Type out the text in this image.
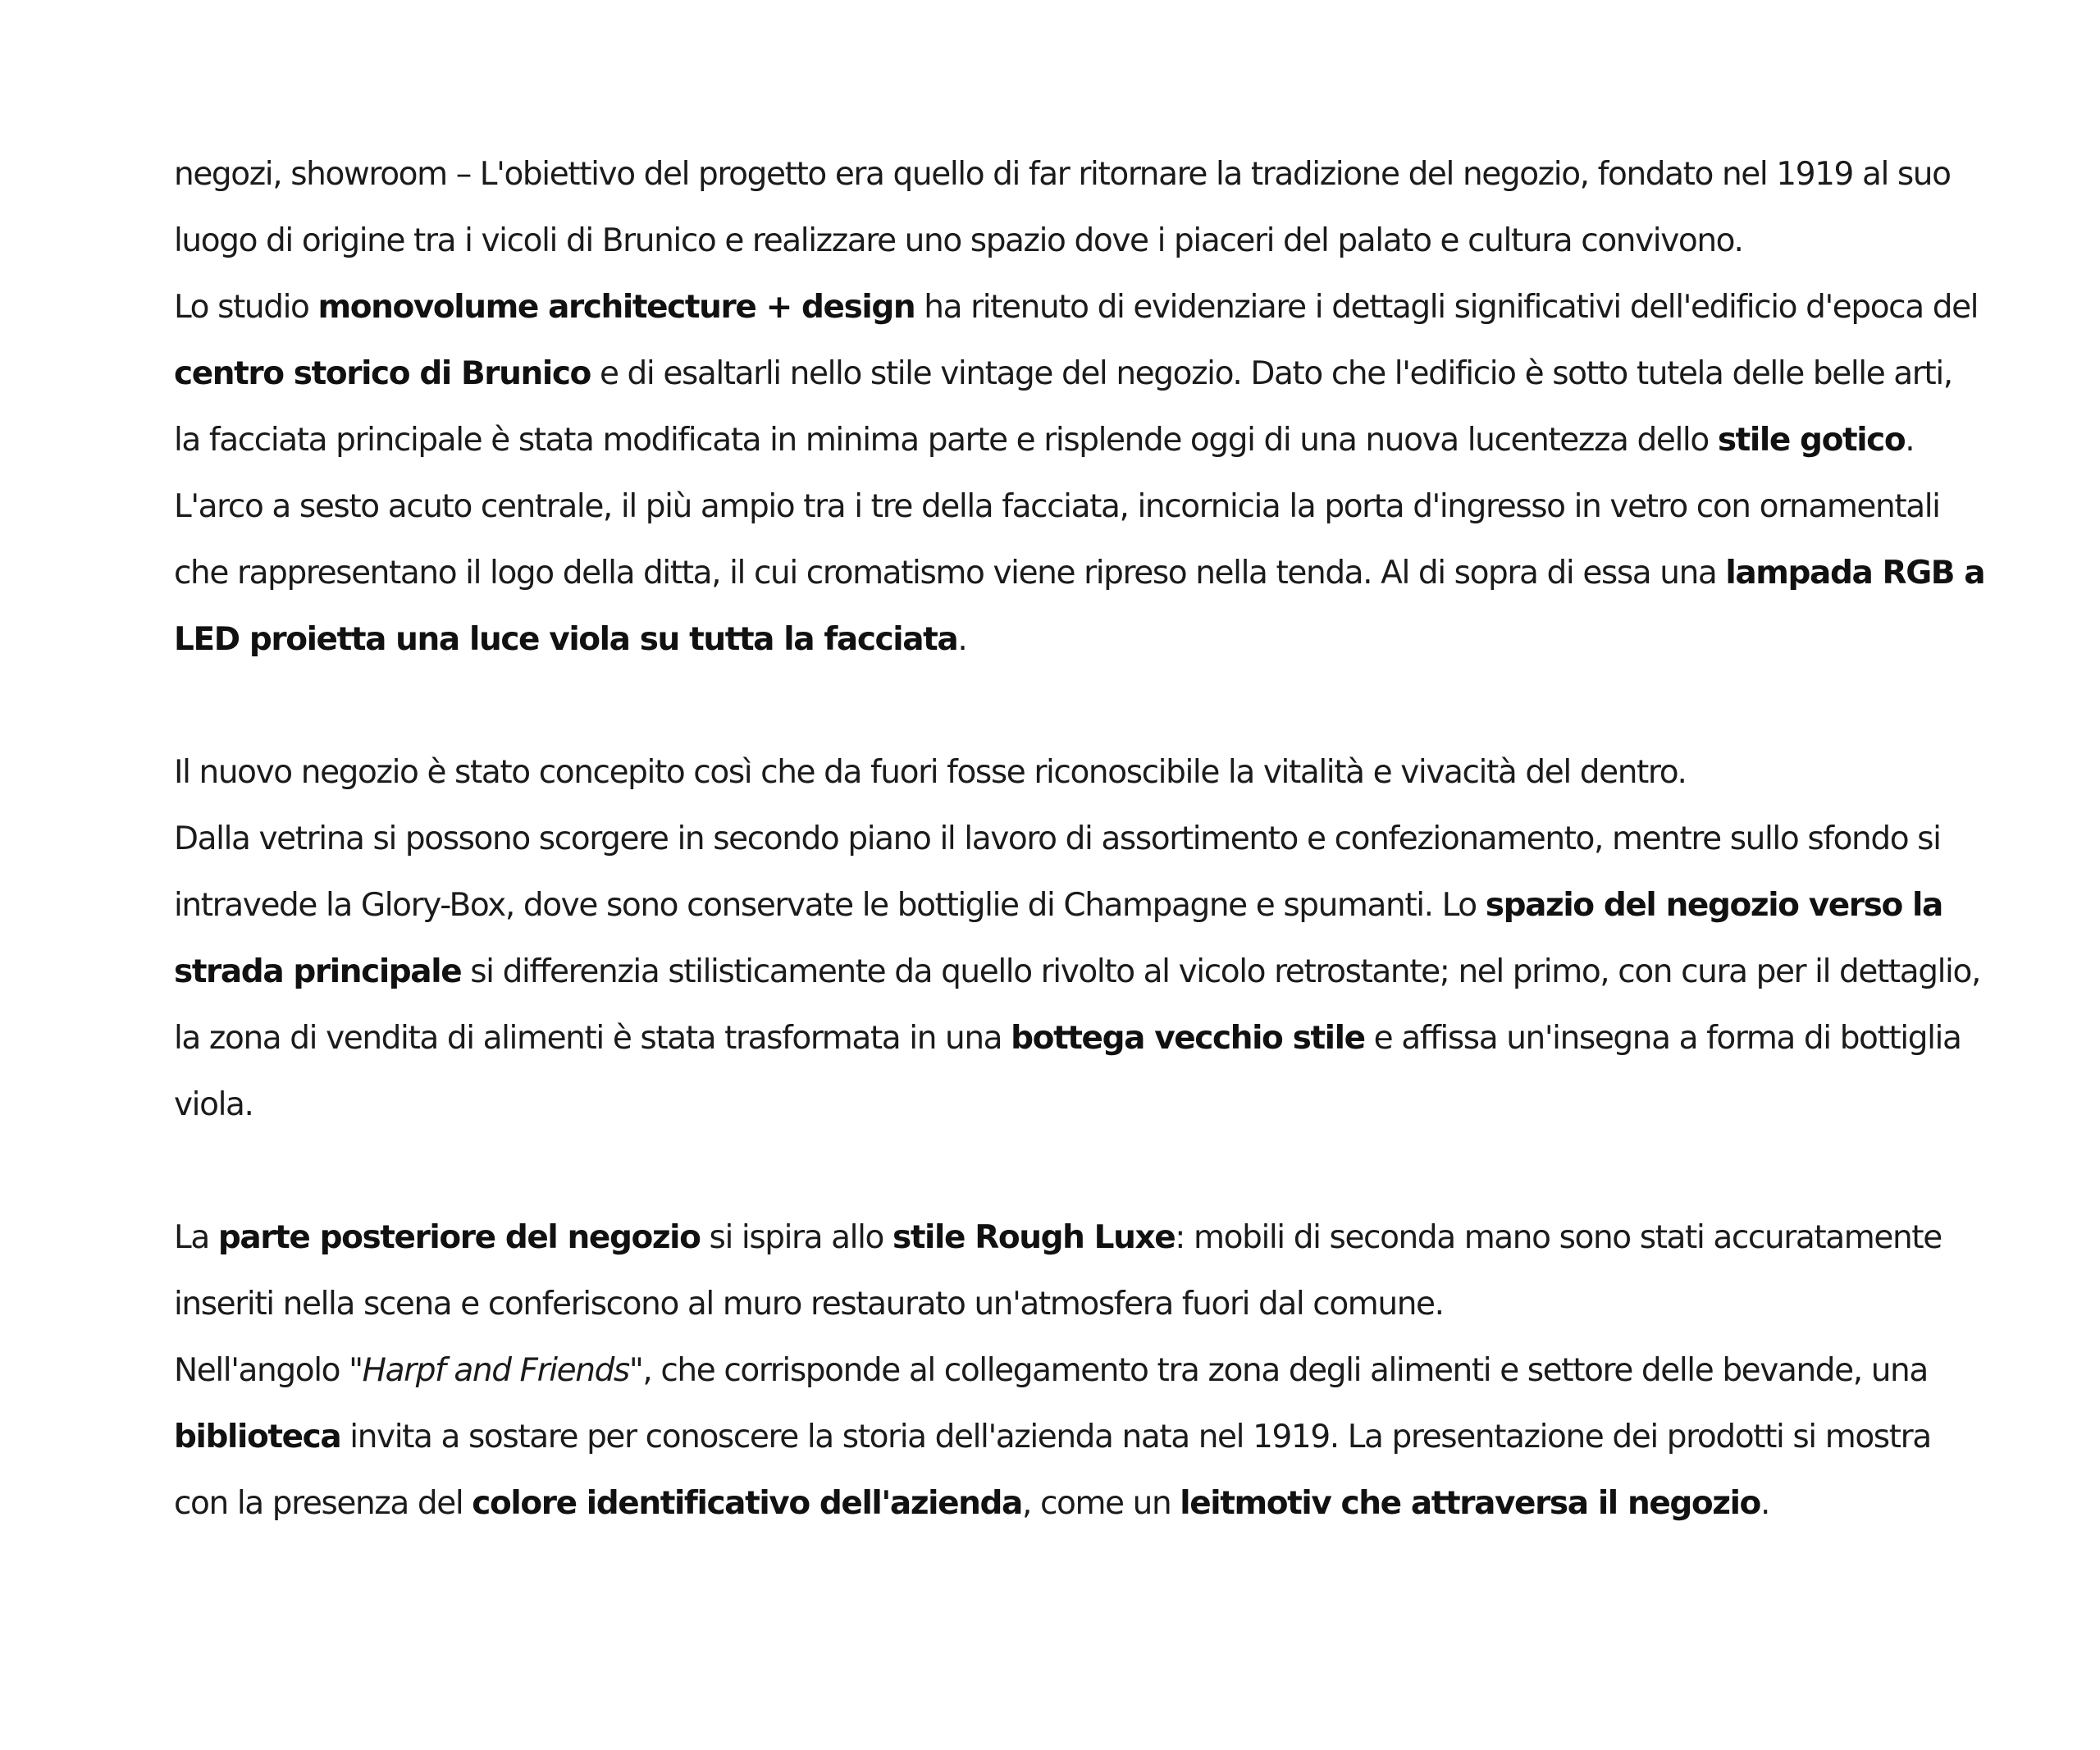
negozi, showroom – L'obiettivo del progetto era quello di far ritornare la tradizione del negozio, fondato nel 1919 al suo luogo di origine tra i vicoli di Brunico e realizzare uno spazio dove i piaceri del palato e cultura convivono.
Lo studio monovolume architecture + design ha ritenuto di evidenziare i dettagli significativi dell'edificio d'epoca del centro storico di Brunico e di esaltarli nello stile vintage del negozio. Dato che l'edificio è sotto tutela delle belle arti, la facciata principale è stata modificata in minima parte e risplende oggi di una nuova lucentezza dello stile gotico. L'arco a sesto acuto centrale, il più ampio tra i tre della facciata, incornicia la porta d'ingresso in vetro con ornamentali che rappresentano il logo della ditta, il cui cromatismo viene ripreso nella tenda. Al di sopra di essa una lampada RGB a LED proietta una luce viola su tutta la facciata.

Il nuovo negozio è stato concepito così che da fuori fosse riconoscibile la vitalità e vivacità del dentro.
Dalla vetrina si possono scorgere in secondo piano il lavoro di assortimento e confezionamento, mentre sullo sfondo si intravede la Glory-Box, dove sono conservate le bottiglie di Champagne e spumanti. Lo spazio del negozio verso la strada principale si differenzia stilisticamente da quello rivolto al vicolo retrostante; nel primo, con cura per il dettaglio, la zona di vendita di alimenti è stata trasformata in una bottega vecchio stile e affissa un'insegna a forma di bottiglia viola.

La parte posteriore del negozio si ispira allo stile Rough Luxe: mobili di seconda mano sono stati accuratamente inseriti nella scena e conferiscono al muro restaurato un'atmosfera fuori dal comune.
Nell'angolo "Harpf and Friends", che corrisponde al collegamento tra zona degli alimenti e settore delle bevande, una biblioteca invita a sostare per conoscere la storia dell'azienda nata nel 1919. La presentazione dei prodotti si mostra con la presenza del colore identificativo dell'azienda, come un leitmotiv che attraversa il negozio.
